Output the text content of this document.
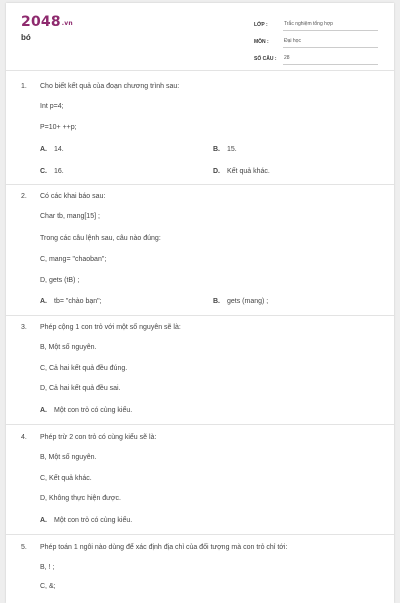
2048.vn
bó
LỚP :	Trắc nghiệm tổng hợp
MÔN :	Đại học
SỐ CÂU :	28
1. Cho biết kết quả của đoạn chương trình sau:
Int p=4;
P=10+ ++p;
A. 14.	B. 15.
C. 16.	D. Kết quả khác.
2. Có các khai báo sau:
Char tb, mang[15] ;
Trong các câu lệnh sau, câu nào đúng:
C, mang= "chaoban";
D, gets (tB) ;
A. tb= "chào bạn";	B. gets (mang) ;
3. Phép cộng 1 con trỏ với một số nguyên sẽ là:
B, Một số nguyên.
C, Cả hai kết quả đều đúng.
D, Cả hai kết quả đều sai.
A. Một con trỏ có cùng kiểu.
4. Phép trừ 2 con trỏ có cùng kiểu sẽ là:
B, Một số nguyên.
C, Kết quả khác.
D, Không thực hiện được.
A. Một con trỏ có cùng kiểu.
5. Phép toán 1 ngôi nào dùng để xác định địa chỉ của đối tượng mà con trỏ chỉ tới:
B, ! ;
C, &;
